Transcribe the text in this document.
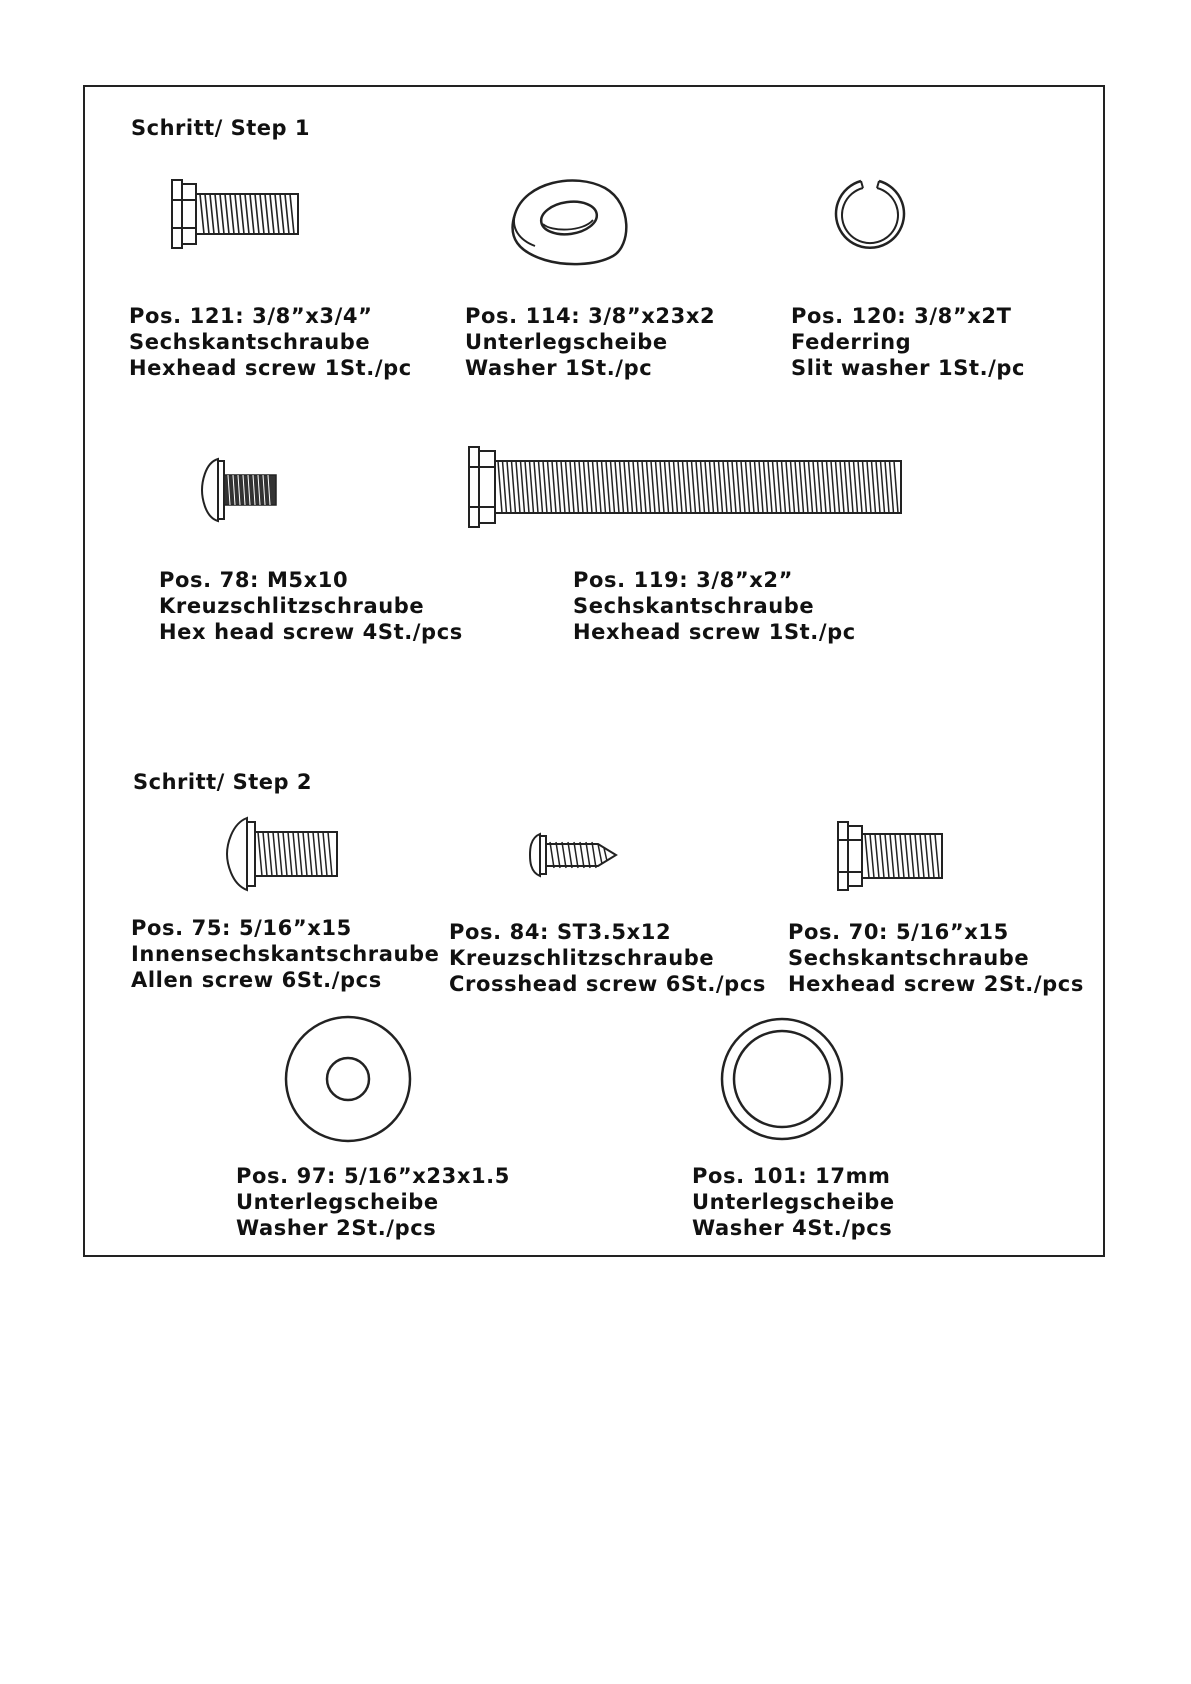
Schritt/ Step 1
Pos. 121: 3/8”x3/4”
Sechskantschraube
Hexhead screw 1St./pc
Pos. 114: 3/8”x23x2
Unterlegscheibe
Washer 1St./pc
Pos. 120: 3/8”x2T
Federring
Slit washer 1St./pc
Pos. 78: M5x10
Kreuzschlitzschraube
Hex head screw 4St./pcs
Pos. 119: 3/8”x2”
Sechskantschraube
Hexhead screw 1St./pc
Schritt/ Step 2
Pos. 75: 5/16”x15
Innensechskantschraube
Allen screw 6St./pcs
Pos. 84: ST3.5x12
Kreuzschlitzschraube
Crosshead screw 6St./pcs
Pos. 70: 5/16”x15
Sechskantschraube
Hexhead screw 2St./pcs
Pos. 97: 5/16”x23x1.5
Unterlegscheibe
Washer 2St./pcs
Pos. 101: 17mm
Unterlegscheibe
Washer 4St./pcs
